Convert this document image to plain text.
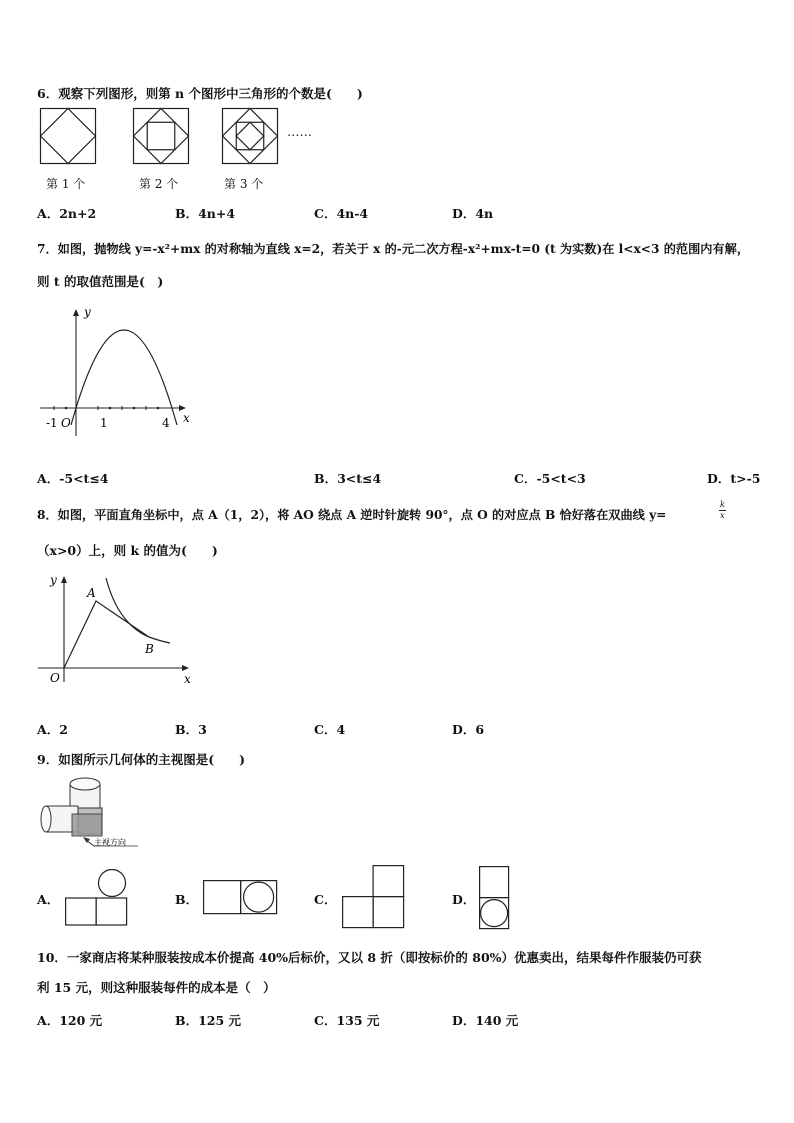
6．观察下列图形，则第 n 个图形中三角形的个数是(　　)
……
第 1 个	第 2 个	第 3 个
A．2n+2	B．4n+4	C．4n-4	D．4n
7．如图，抛物线 y=-x²+mx 的对称轴为直线 x=2，若关于 x 的-元二次方程-x²+mx-t=0 (t 为实数)在 l<x<3 的范围内有解，
则 t 的取值范围是(　)
y
x
-1 O 1	4
A．-5<t≤4	B．3<t≤4	C．-5<t<3	D．t>-5
8．如图，平面直角坐标中，点 A（1，2），将 AO 绕点 A 逆时针旋转 90°，点 O 的对应点 B 恰好落在双曲线 y=	$\frac{k}{x}$
（x>0）上，则 k 的值为(　　)
y
x
O
A
B
A．2	B．3	C．4	D．6
9．如图所示几何体的主视图是(　　)
主视方向
A．	B．	C．	D．
10．一家商店将某种服装按成本价提高 40%后标价，又以 8 折（即按标价的 80%）优惠卖出，结果每件作服装仍可获
利 15 元，则这种服装每件的成本是（　）
A．120 元	B．125 元	C．135 元	D．140 元
